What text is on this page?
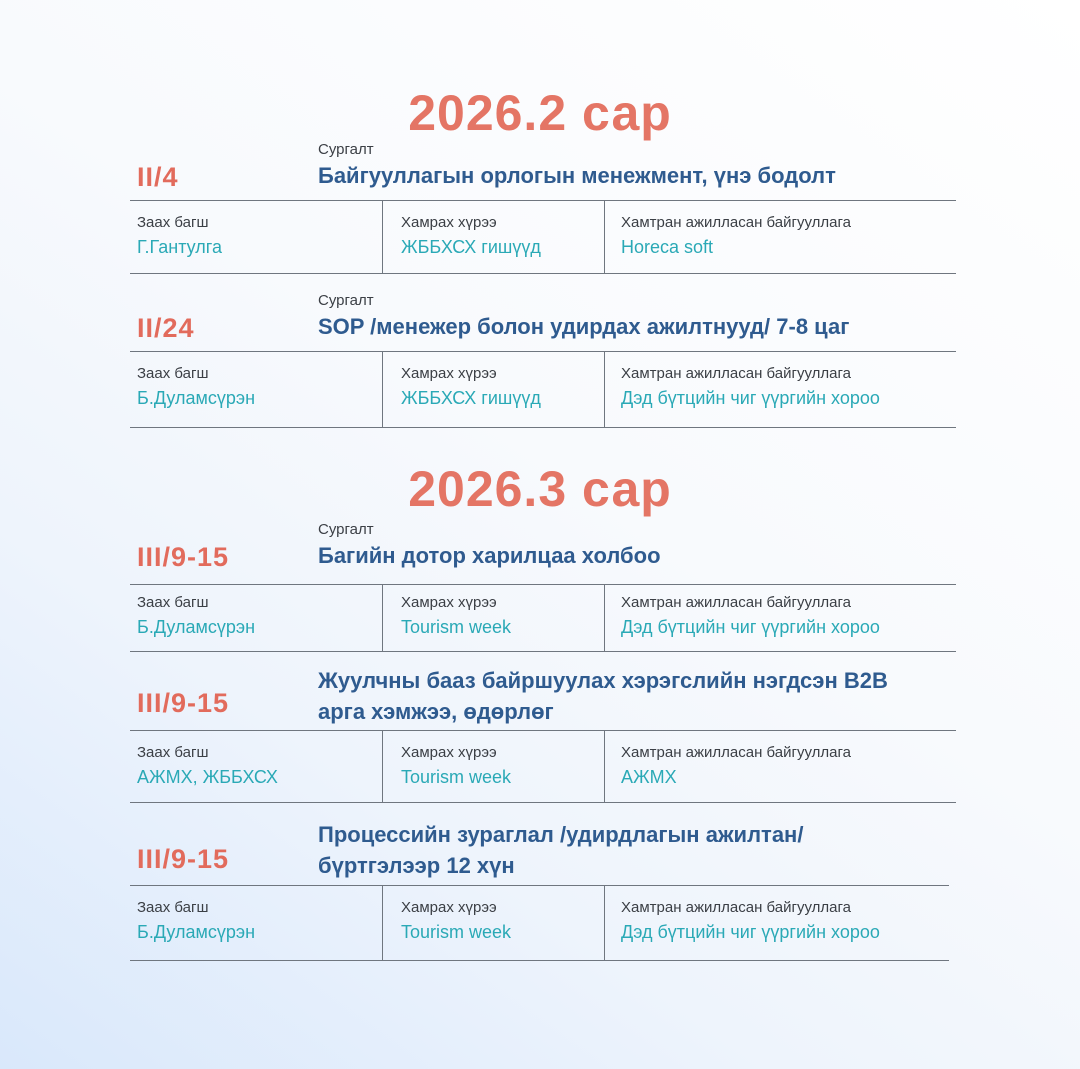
2026.2 сар
Сургалт
II/4	Байгууллагын орлогын менежмент, үнэ бодолт
Заах багш
Г.Гантулга
Хамрах хүрээ
ЖББХСХ гишүүд
Хамтран ажилласан байгууллага
Horeca soft
Сургалт
II/24	SOP /менежер болон удирдах ажилтнууд/ 7-8 цаг
Заах багш
Б.Дуламсүрэн
Хамрах хүрээ
ЖББХСХ гишүүд
Хамтран ажилласан байгууллага
Дэд бүтцийн чиг үүргийн хороо
2026.3 сар
Сургалт
III/9-15	Багийн дотор харилцаа холбоо
Заах багш
Б.Дуламсүрэн
Хамрах хүрээ
Tourism week
Хамтран ажилласан байгууллага
Дэд бүтцийн чиг үүргийн хороо
III/9-15
Жуулчны бааз байршуулах хэрэгслийн нэгдсэн B2B
арга хэмжээ, өдөрлөг
Заах багш
АЖМХ, ЖББХСХ
Хамрах хүрээ
Tourism week
Хамтран ажилласан байгууллага
АЖМХ
III/9-15
Процессийн зураглал /удирдлагын ажилтан/
бүртгэлээр 12 хүн
Заах багш
Б.Дуламсүрэн
Хамрах хүрээ
Tourism week
Хамтран ажилласан байгууллага
Дэд бүтцийн чиг үүргийн хороо
